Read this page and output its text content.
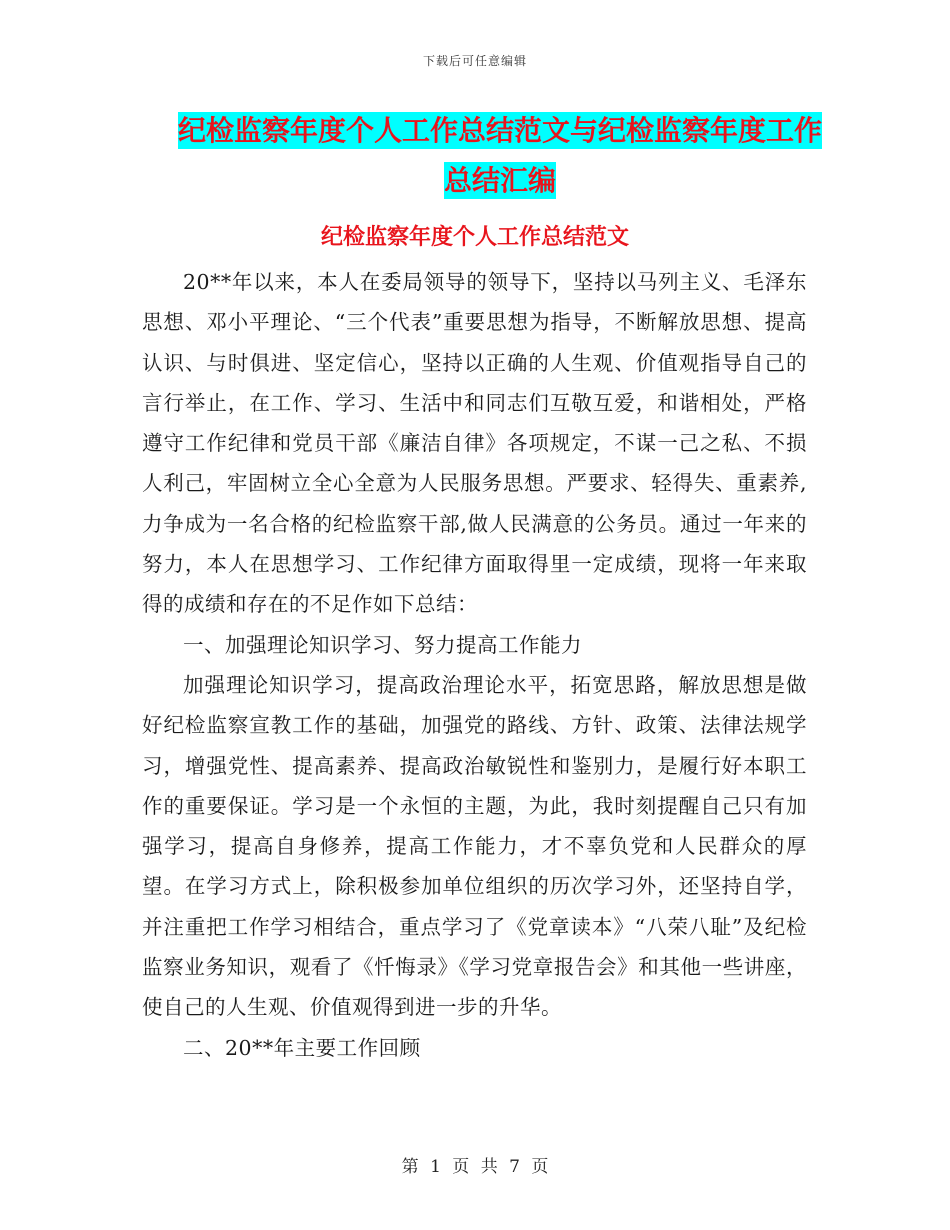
下载后可任意编辑
纪检监察年度个人工作总结范文与纪检监察年度工作
总结汇编
纪检监察年度个人工作总结范文

20**年以来，本人在委局领导的领导下，坚持以马列主义、毛泽东思想、邓小平理论、“三个代表”重要思想为指导，不断解放思想、提高认识、与时俱进、坚定信心，坚持以正确的人生观、价值观指导自己的言行举止，在工作、学习、生活中和同志们互敬互爱，和谐相处，严格遵守工作纪律和党员干部《廉洁自律》各项规定，不谋一己之私、不损人利己，牢固树立全心全意为人民服务思想。严要求、轻得失、重素养,力争成为一名合格的纪检监察干部,做人民满意的公务员。通过一年来的努力，本人在思想学习、工作纪律方面取得里一定成绩，现将一年来取得的成绩和存在的不足作如下总结：

一、加强理论知识学习、努力提高工作能力

加强理论知识学习，提高政治理论水平，拓宽思路，解放思想是做好纪检监察宣教工作的基础，加强党的路线、方针、政策、法律法规学习，增强党性、提高素养、提高政治敏锐性和鉴别力，是履行好本职工作的重要保证。学习是一个永恒的主题，为此，我时刻提醒自己只有加强学习，提高自身修养，提高工作能力，才不辜负党和人民群众的厚望。在学习方式上，除积极参加单位组织的历次学习外，还坚持自学，并注重把工作学习相结合，重点学习了《党章读本》“八荣八耻”及纪检监察业务知识，观看了《忏悔录》《学习党章报告会》和其他一些讲座，使自己的人生观、价值观得到进一步的升华。

二、20**年主要工作回顾

第 1 页 共 7 页
